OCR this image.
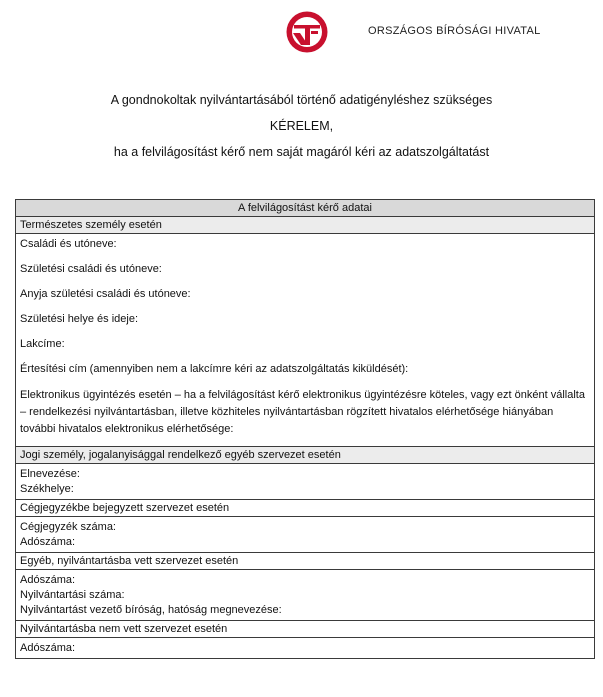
ORSZÁGOS BÍRÓSÁGI HIVATAL
A gondnokoltak nyilvántartásából történő adatigényléshez szükséges
KÉRELEM,
ha a felvilágosítást kérő nem saját magáról kéri az adatszolgáltatást
A felvilágosítást kérő adatai
Természetes személy esetén

Családi és utóneve:
Születési családi és utóneve:
Anyja születési családi és utóneve:
Születési helye és ideje:
Lakcíme:
Értesítési cím (amennyiben nem a lakcímre kéri az adatszolgáltatás kiküldését):
Elektronikus ügyintézés esetén – ha a felvilágosítást kérő elektronikus ügyintézésre köteles, vagy ezt önként vállalta – rendelkezési nyilvántartásban, illetve közhiteles nyilvántartásban rögzített hivatalos elérhetősége hiányában további hivatalos elektronikus elérhetősége:

Jogi személy, jogalanyisággal rendelkező egyéb szervezet esetén

Elnevezése:
Székhelye:

Cégjegyzékbe bejegyzett szervezet esetén

Cégjegyzék száma:
Adószáma:

Egyéb, nyilvántartásba vett szervezet esetén

Adószáma:
Nyilvántartási száma:
Nyilvántartást vezető bíróság, hatóság megnevezése:

Nyilvántartásba nem vett szervezet esetén

Adószáma:
